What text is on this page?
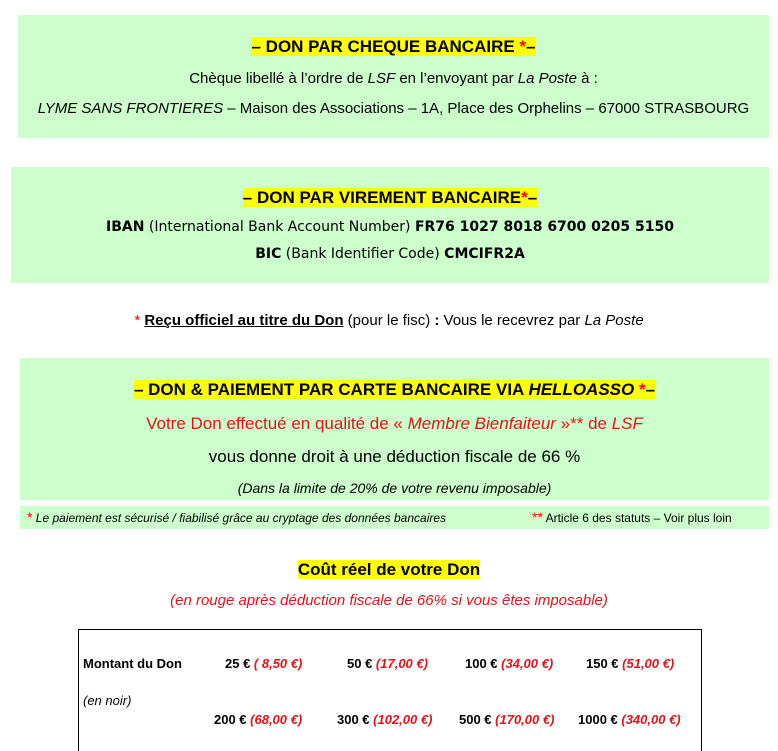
– DON PAR CHEQUE BANCAIRE *–
Chèque libellé à l’ordre de LSF en l’envoyant par La Poste à :
LYME SANS FRONTIERES – Maison des Associations – 1A, Place des Orphelins – 67000 STRASBOURG
– DON PAR VIREMENT BANCAIRE*–
IBAN (International Bank Account Number) FR76 1027 8018 6700 0205 5150
BIC (Bank Identifier Code) CMCIFR2A
* Reçu officiel au titre du Don (pour le fisc) : Vous le recevrez par La Poste
– DON & PAIEMENT PAR CARTE BANCAIRE VIA HELLOASSO *–
Votre Don effectué en qualité de « Membre Bienfaiteur »** de LSF
vous donne droit à une déduction fiscale de 66 %
(Dans la limite de 20% de votre revenu imposable)
* Le paiement est sécurisé / fiabilisé grâce au cryptage des données bancaires	** Article 6 des statuts – Voir plus loin
Coût réel de votre Don
(en rouge après déduction fiscale de 66% si vous êtes imposable)
Montant du Don
(en noir)
25 € ( 8,50 €)	50 € (17,00 €)	100 € (34,00 €)	150 € (51,00 €)
200 € (68,00 €)	300 € (102,00 €) 500 € (170,00 €) 1000 € (340,00 €)
